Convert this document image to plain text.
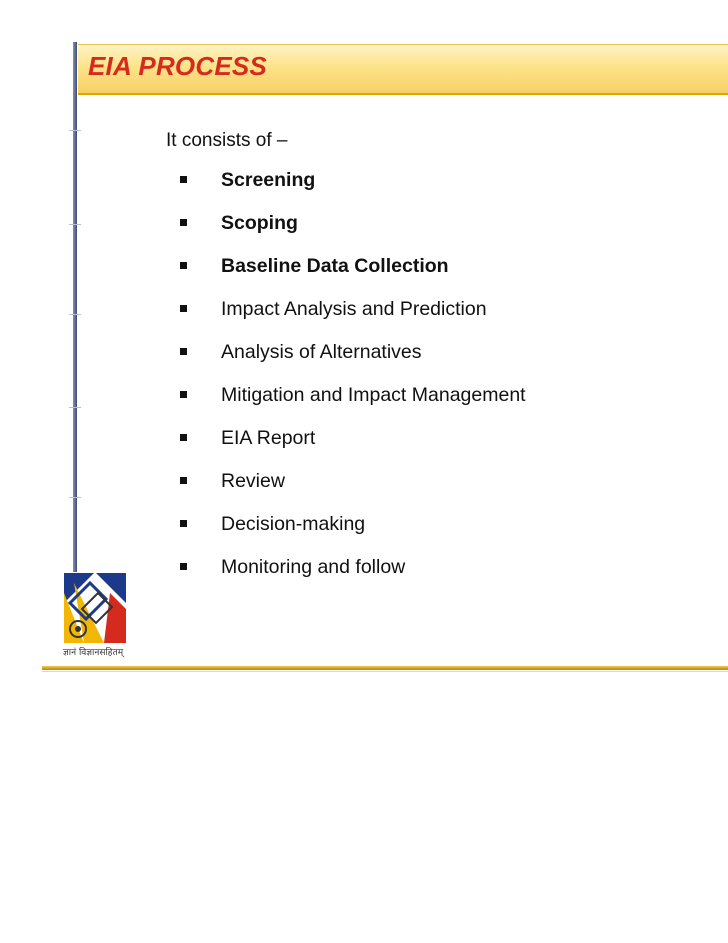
EIA PROCESS
It consists of –
Screening
Scoping
Baseline Data Collection
Impact Analysis and Prediction
Analysis of Alternatives
Mitigation and Impact Management
EIA Report
Review
Decision-making
Monitoring and follow
ज्ञानं विज्ञानसहितम्
